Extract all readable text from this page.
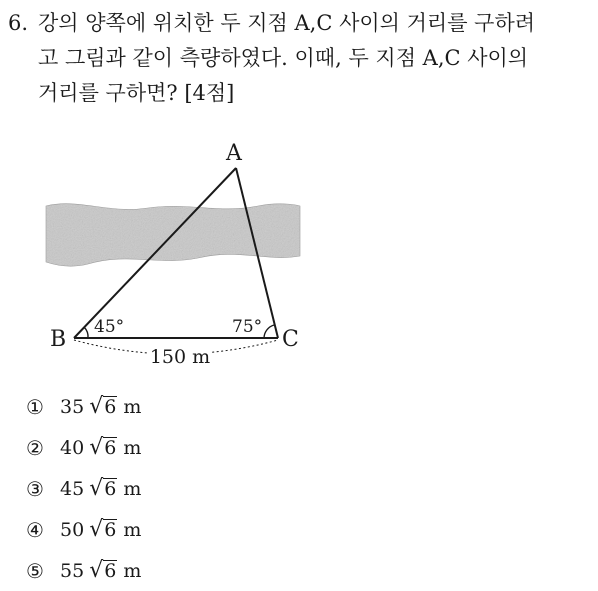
6. 강의 양쪽에 위치한 두 지점 A,C 사이의 거리를 구하려
고 그림과 같이 측량하였다. 이때, 두 지점 A,C 사이의
거리를 구하면? [4점]
A
B	C
45°	75°
150 m
① 35 √ 6 m
② 40 √ 6 m
③ 45 √ 6 m
④ 50 √ 6 m
⑤ 55 √ 6 m
